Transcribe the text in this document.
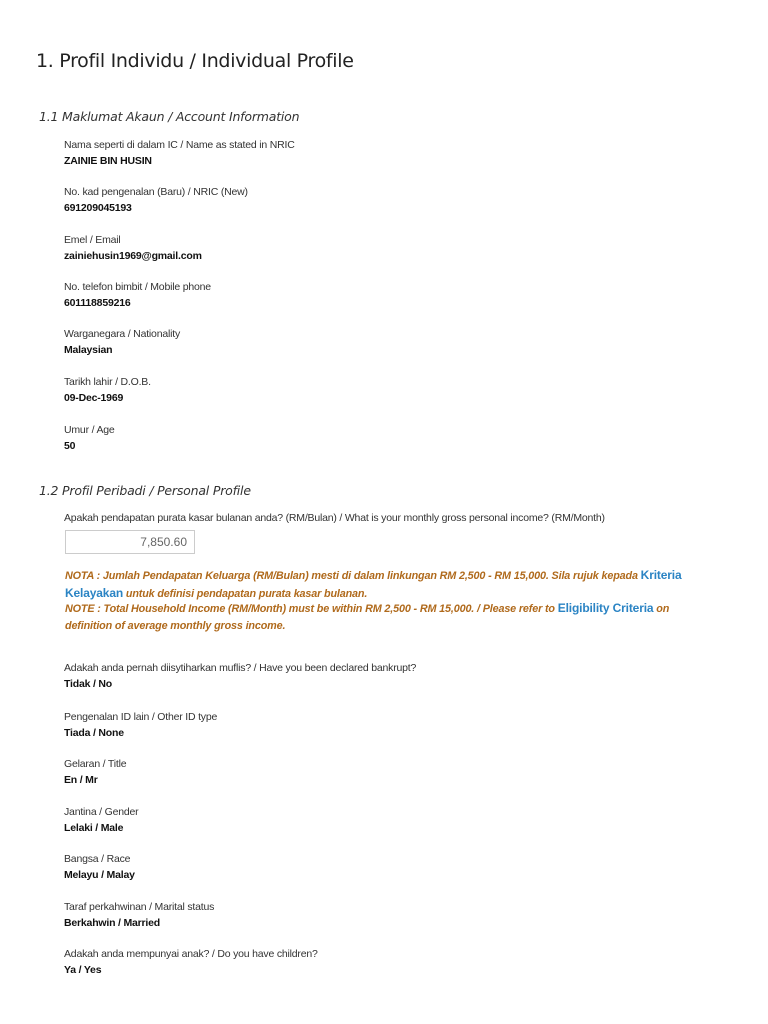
1. Profil Individu / Individual Profile
1.1 Maklumat Akaun / Account Information
Nama seperti di dalam IC / Name as stated in NRIC
ZAINIE BIN HUSIN
No. kad pengenalan (Baru) / NRIC (New)
691209045193
Emel / Email
zainiehusin1969@gmail.com
No. telefon bimbit / Mobile phone
601118859216
Warganegara / Nationality
Malaysian
Tarikh lahir / D.O.B.
09-Dec-1969
Umur / Age
50
1.2 Profil Peribadi / Personal Profile
Apakah pendapatan purata kasar bulanan anda? (RM/Bulan) / What is your monthly gross personal income? (RM/Month)
7,850.60
NOTA : Jumlah Pendapatan Keluarga (RM/Bulan) mesti di dalam linkungan RM 2,500 - RM 15,000. Sila rujuk kepada Kriteria Kelayakan untuk definisi pendapatan purata kasar bulanan.
NOTE : Total Household Income (RM/Month) must be within RM 2,500 - RM 15,000. / Please refer to Eligibility Criteria on definition of average monthly gross income.
Adakah anda pernah diisytiharkan muflis? / Have you been declared bankrupt?
Tidak / No
Pengenalan ID lain / Other ID type
Tiada / None
Gelaran / Title
En / Mr
Jantina / Gender
Lelaki / Male
Bangsa / Race
Melayu / Malay
Taraf perkahwinan / Marital status
Berkahwin / Married
Adakah anda mempunyai anak? / Do you have children?
Ya / Yes
